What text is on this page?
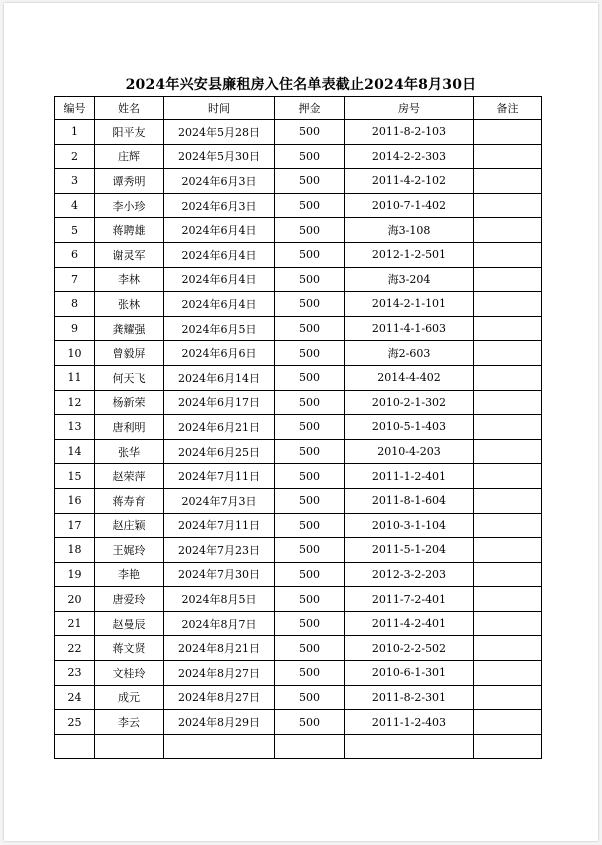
2024年兴安县廉租房入住名单表截止2024年8月30日
编号	姓名	时间	押金	房号	备注
1	阳平友	2024年5月28日	500	2011-8-2-103	
2	庄辉	2024年5月30日	500	2014-2-2-303	
3	谭秀明	2024年6月3日	500	2011-4-2-102	
4	李小珍	2024年6月3日	500	2010-7-1-402	
5	蒋聘雄	2024年6月4日	500	海3-108	
6	谢灵军	2024年6月4日	500	2012-1-2-501	
7	李林	2024年6月4日	500	海3-204	
8	张林	2024年6月4日	500	2014-2-1-101	
9	龚耀强	2024年6月5日	500	2011-4-1-603	
10	曾毅屏	2024年6月6日	500	海2-603	
11	何天飞	2024年6月14日	500	2014-4-402	
12	杨新荣	2024年6月17日	500	2010-2-1-302	
13	唐利明	2024年6月21日	500	2010-5-1-403	
14	张华	2024年6月25日	500	2010-4-203	
15	赵荣萍	2024年7月11日	500	2011-1-2-401	
16	蒋寿育	2024年7月3日	500	2011-8-1-604	
17	赵庄颖	2024年7月11日	500	2010-3-1-104	
18	王娓玲	2024年7月23日	500	2011-5-1-204	
19	李艳	2024年7月30日	500	2012-3-2-203	
20	唐爱玲	2024年8月5日	500	2011-7-2-401	
21	赵曼辰	2024年8月7日	500	2011-4-2-401	
22	蒋文贤	2024年8月21日	500	2010-2-2-502	
23	文桂玲	2024年8月27日	500	2010-6-1-301	
24	成元	2024年8月27日	500	2011-8-2-301	
25	李云	2024年8月29日	500	2011-1-2-403	
